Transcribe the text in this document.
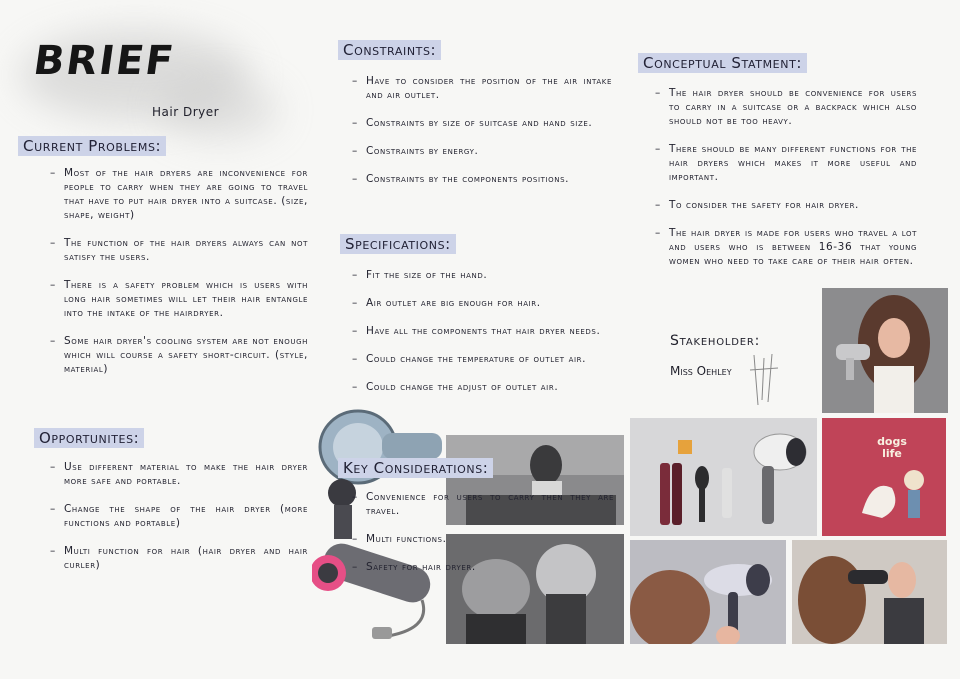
BRIEF
Hair Dryer
Current Problems:
– Most of the hair dryers are inconvenience for people to carry when they are going to travel that have to put hair dryer into a suitcase. (size, shape, weight)
– The function of the hair dryers always can not satisfy the users.
– There is a safety problem which is users with long hair sometimes will let their hair entangle into the intake of the hairdryer.
– Some hair dryer's cooling system are not enough which will course a safety short-circuit. (style, material)
Opportunites:
– Use different material to make the hair dryer more safe and portable.
– Change the shape of the hair dryer (more functions and portable)
– Multi function for hair (hair dryer and hair curler)
Constraints:
– Have to consider the position of the air intake and air outlet.
– Constraints by size of suitcase and hand size.
– Constraints by energy.
– Constraints by the components positions.
Specifications:
– Fit the size of the hand.
– Air outlet are big enough for hair.
– Have all the components that hair dryer needs.
– Could change the temperature of outlet air.
– Could change the adjust of outlet air.
Key Considerations:
– Convenience for users to carry then they are travel.
– Multi functions.
– Safety for hair dryer.
Conceptual Statment:
– The hair dryer should be convenience for users to carry in a suitcase or a backpack which also should not be too heavy.
– There should be many different functions for the hair dryers which makes it more useful and important.
– To consider the safety for hair dryer.
– The hair dryer is made for users who travel a lot and users who is between 16-36 that young women who need to take care of their hair often.
Stakeholder:
Miss Oehley
dogs life
